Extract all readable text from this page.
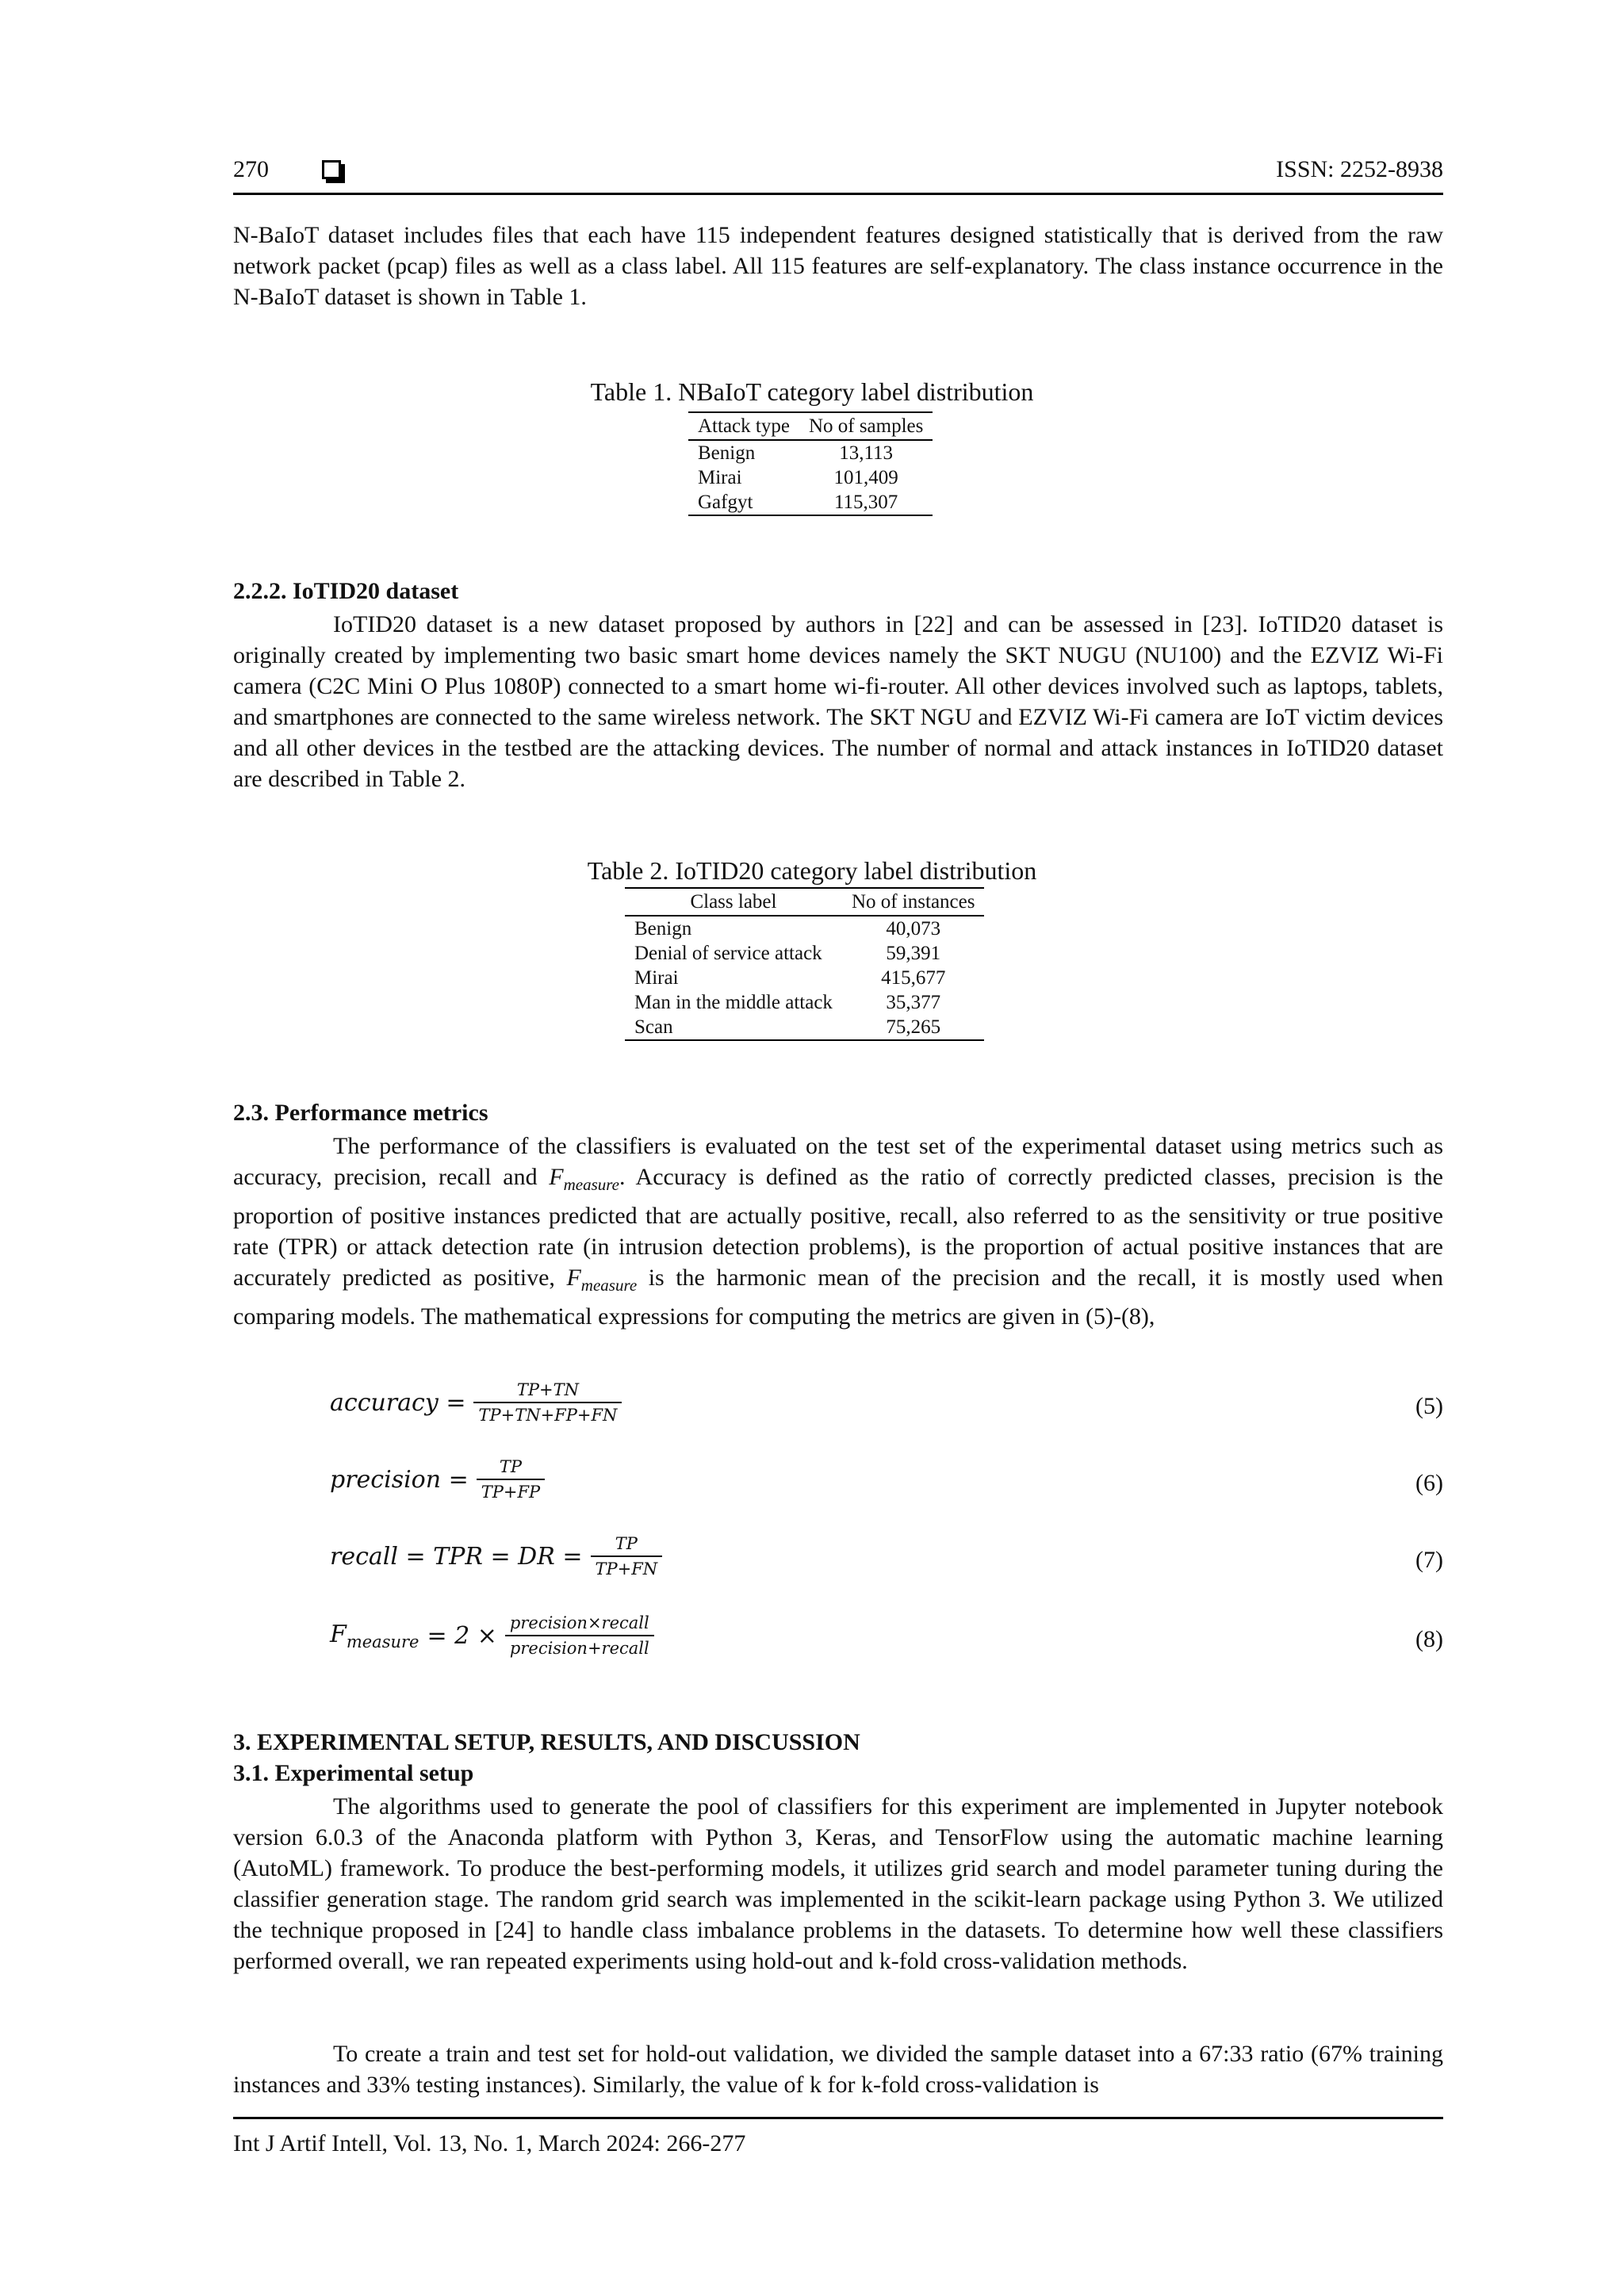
270	ISSN: 2252-8938
N-BaIoT dataset includes files that each have 115 independent features designed statistically that is derived from the raw network packet (pcap) files as well as a class label. All 115 features are self-explanatory. The class instance occurrence in the N-BaIoT dataset is shown in Table 1.
Table 1. NBaIoT category label distribution
Attack type	No of samples
Benign	13,113
Mirai	101,409
Gafgyt	115,307
2.2.2. IoTID20 dataset
IoTID20 dataset is a new dataset proposed by authors in [22] and can be assessed in [23]. IoTID20 dataset is originally created by implementing two basic smart home devices namely the SKT NUGU (NU100) and the EZVIZ Wi-Fi camera (C2C Mini O Plus 1080P) connected to a smart home wi-fi-router. All other devices involved such as laptops, tablets, and smartphones are connected to the same wireless network. The SKT NGU and EZVIZ Wi-Fi camera are IoT victim devices and all other devices in the testbed are the attacking devices. The number of normal and attack instances in IoTID20 dataset are described in Table 2.
Table 2. IoTID20 category label distribution
Class label	No of instances
Benign	40,073
Denial of service attack	59,391
Mirai	415,677
Man in the middle attack	35,377
Scan	75,265
2.3. Performance metrics
The performance of the classifiers is evaluated on the test set of the experimental dataset using metrics such as accuracy, precision, recall and $F_{measure}$. Accuracy is defined as the ratio of correctly predicted classes, precision is the proportion of positive instances predicted that are actually positive, recall, also referred to as the sensitivity or true positive rate (TPR) or attack detection rate (in intrusion detection problems), is the proportion of actual positive instances that are accurately predicted as positive, $F_{measure}$ is the harmonic mean of the precision and the recall, it is mostly used when comparing models. The mathematical expressions for computing the metrics are given in (5)-(8),
accuracy = $\frac{TP+TN}{TP+TN+FP+FN}$	(5)
precision = $\frac{TP}{TP+FP}$	(6)
recall = TPR = DR = $\frac{TP}{TP+FN}$	(7)
$F_{measure} = 2 \times \frac{\text{precision×recall}}{\text{precision+recall}}$	(8)
3. EXPERIMENTAL SETUP, RESULTS, AND DISCUSSION
3.1. Experimental setup
The algorithms used to generate the pool of classifiers for this experiment are implemented in Jupyter notebook version 6.0.3 of the Anaconda platform with Python 3, Keras, and TensorFlow using the automatic machine learning (AutoML) framework. To produce the best-performing models, it utilizes grid search and model parameter tuning during the classifier generation stage. The random grid search was implemented in the scikit-learn package using Python 3. We utilized the technique proposed in [24] to handle class imbalance problems in the datasets. To determine how well these classifiers performed overall, we ran repeated experiments using hold-out and k-fold cross-validation methods.
To create a train and test set for hold-out validation, we divided the sample dataset into a 67:33 ratio (67% training instances and 33% testing instances). Similarly, the value of k for k-fold cross-validation is
Int J Artif Intell, Vol. 13, No. 1, March 2024: 266-277
